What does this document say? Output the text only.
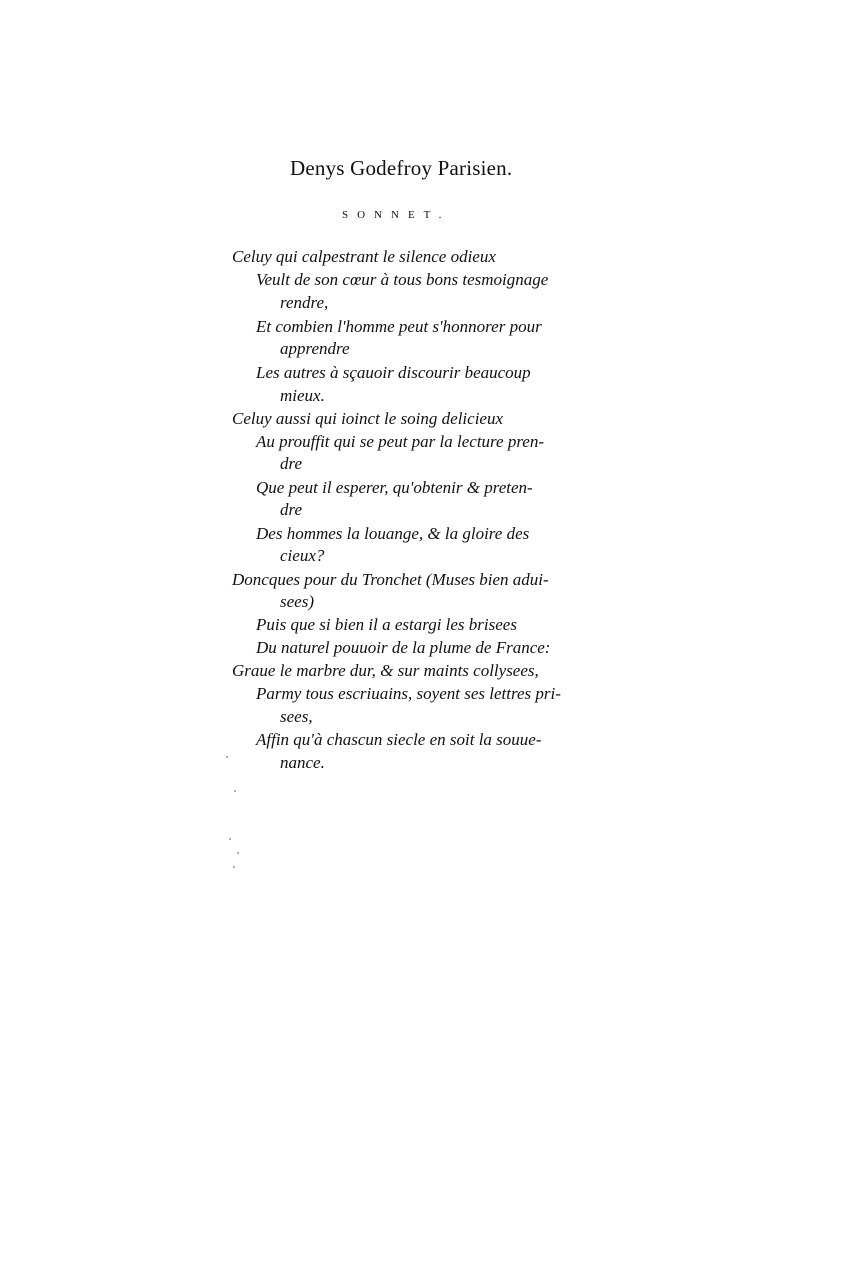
Denys Godefroy Parisien.
SONNET.
Celuy qui calpestrant le silence odieux
Veult de son cœur à tous bons tesmoignage
rendre,
Et combien l'homme peut s'honnorer pour
apprendre
Les autres à sçauoir discourir beaucoup
mieux.
Celuy aussi qui ioinct le soing delicieux
Au prouffit qui se peut par la lecture pren-
dre
Que peut il esperer, qu'obtenir & preten-
dre
Des hommes la louange, & la gloire des
cieux?
Doncques pour du Tronchet (Muses bien adui-
sees)
Puis que si bien il a estargi les brisees
Du naturel pouuoir de la plume de France:
Graue le marbre dur, & sur maints collysees,
Parmy tous escriuains, soyent ses lettres pri-
sees,
Affin qu'à chascun siecle en soit la souue-
nance.
